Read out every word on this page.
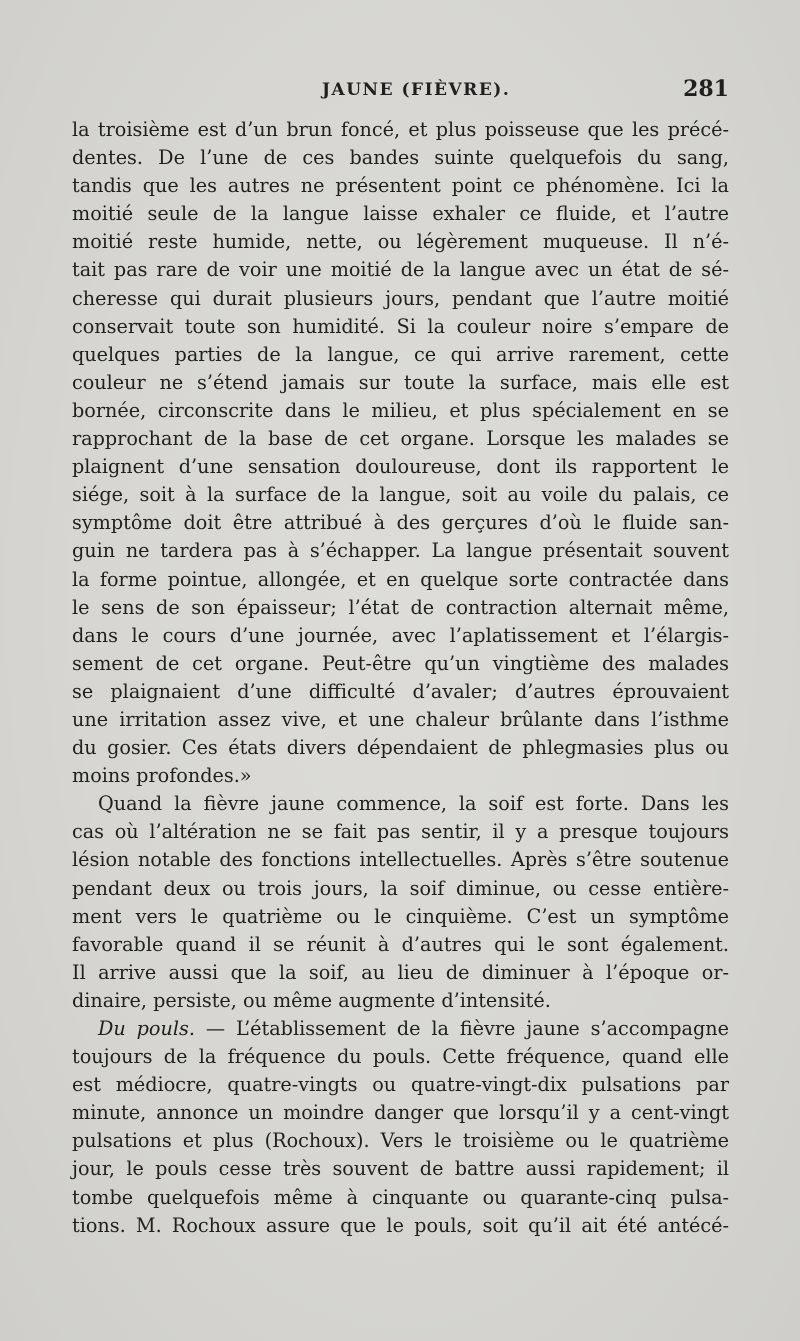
JAUNE (FIÈVRE).	281
la troisième est d’un brun foncé, et plus poisseuse que les précé-
dentes. De l’une de ces bandes suinte quelquefois du sang,
tandis que les autres ne présentent point ce phénomène. Ici la
moitié seule de la langue laisse exhaler ce fluide, et l’autre
moitié reste humide, nette, ou légèrement muqueuse. Il n’é-
tait pas rare de voir une moitié de la langue avec un état de sé-
cheresse qui durait plusieurs jours, pendant que l’autre moitié
conservait toute son humidité. Si la couleur noire s’empare de
quelques parties de la langue, ce qui arrive rarement, cette
couleur ne s’étend jamais sur toute la surface, mais elle est
bornée, circonscrite dans le milieu, et plus spécialement en se
rapprochant de la base de cet organe. Lorsque les malades se
plaignent d’une sensation douloureuse, dont ils rapportent le
siége, soit à la surface de la langue, soit au voile du palais, ce
symptôme doit être attribué à des gerçures d’où le fluide san-
guin ne tardera pas à s’échapper. La langue présentait souvent
la forme pointue, allongée, et en quelque sorte contractée dans
le sens de son épaisseur; l’état de contraction alternait même,
dans le cours d’une journée, avec l’aplatissement et l’élargis-
sement de cet organe. Peut-être qu’un vingtième des malades
se plaignaient d’une difficulté d’avaler; d’autres éprouvaient
une irritation assez vive, et une chaleur brûlante dans l’isthme
du gosier. Ces états divers dépendaient de phlegmasies plus ou
moins profondes.»
Quand la fièvre jaune commence, la soif est forte. Dans les
cas où l’altération ne se fait pas sentir, il y a presque toujours
lésion notable des fonctions intellectuelles. Après s’être soutenue
pendant deux ou trois jours, la soif diminue, ou cesse entière-
ment vers le quatrième ou le cinquième. C’est un symptôme
favorable quand il se réunit à d’autres qui le sont également.
Il arrive aussi que la soif, au lieu de diminuer à l’époque or-
dinaire, persiste, ou même augmente d’intensité.
Du pouls. — L’établissement de la fièvre jaune s’accompagne
toujours de la fréquence du pouls. Cette fréquence, quand elle
est médiocre, quatre-vingts ou quatre-vingt-dix pulsations par
minute, annonce un moindre danger que lorsqu’il y a cent-vingt
pulsations et plus (Rochoux). Vers le troisième ou le quatrième
jour, le pouls cesse très souvent de battre aussi rapidement; il
tombe quelquefois même à cinquante ou quarante-cinq pulsa-
tions. M. Rochoux assure que le pouls, soit qu’il ait été antécé-
